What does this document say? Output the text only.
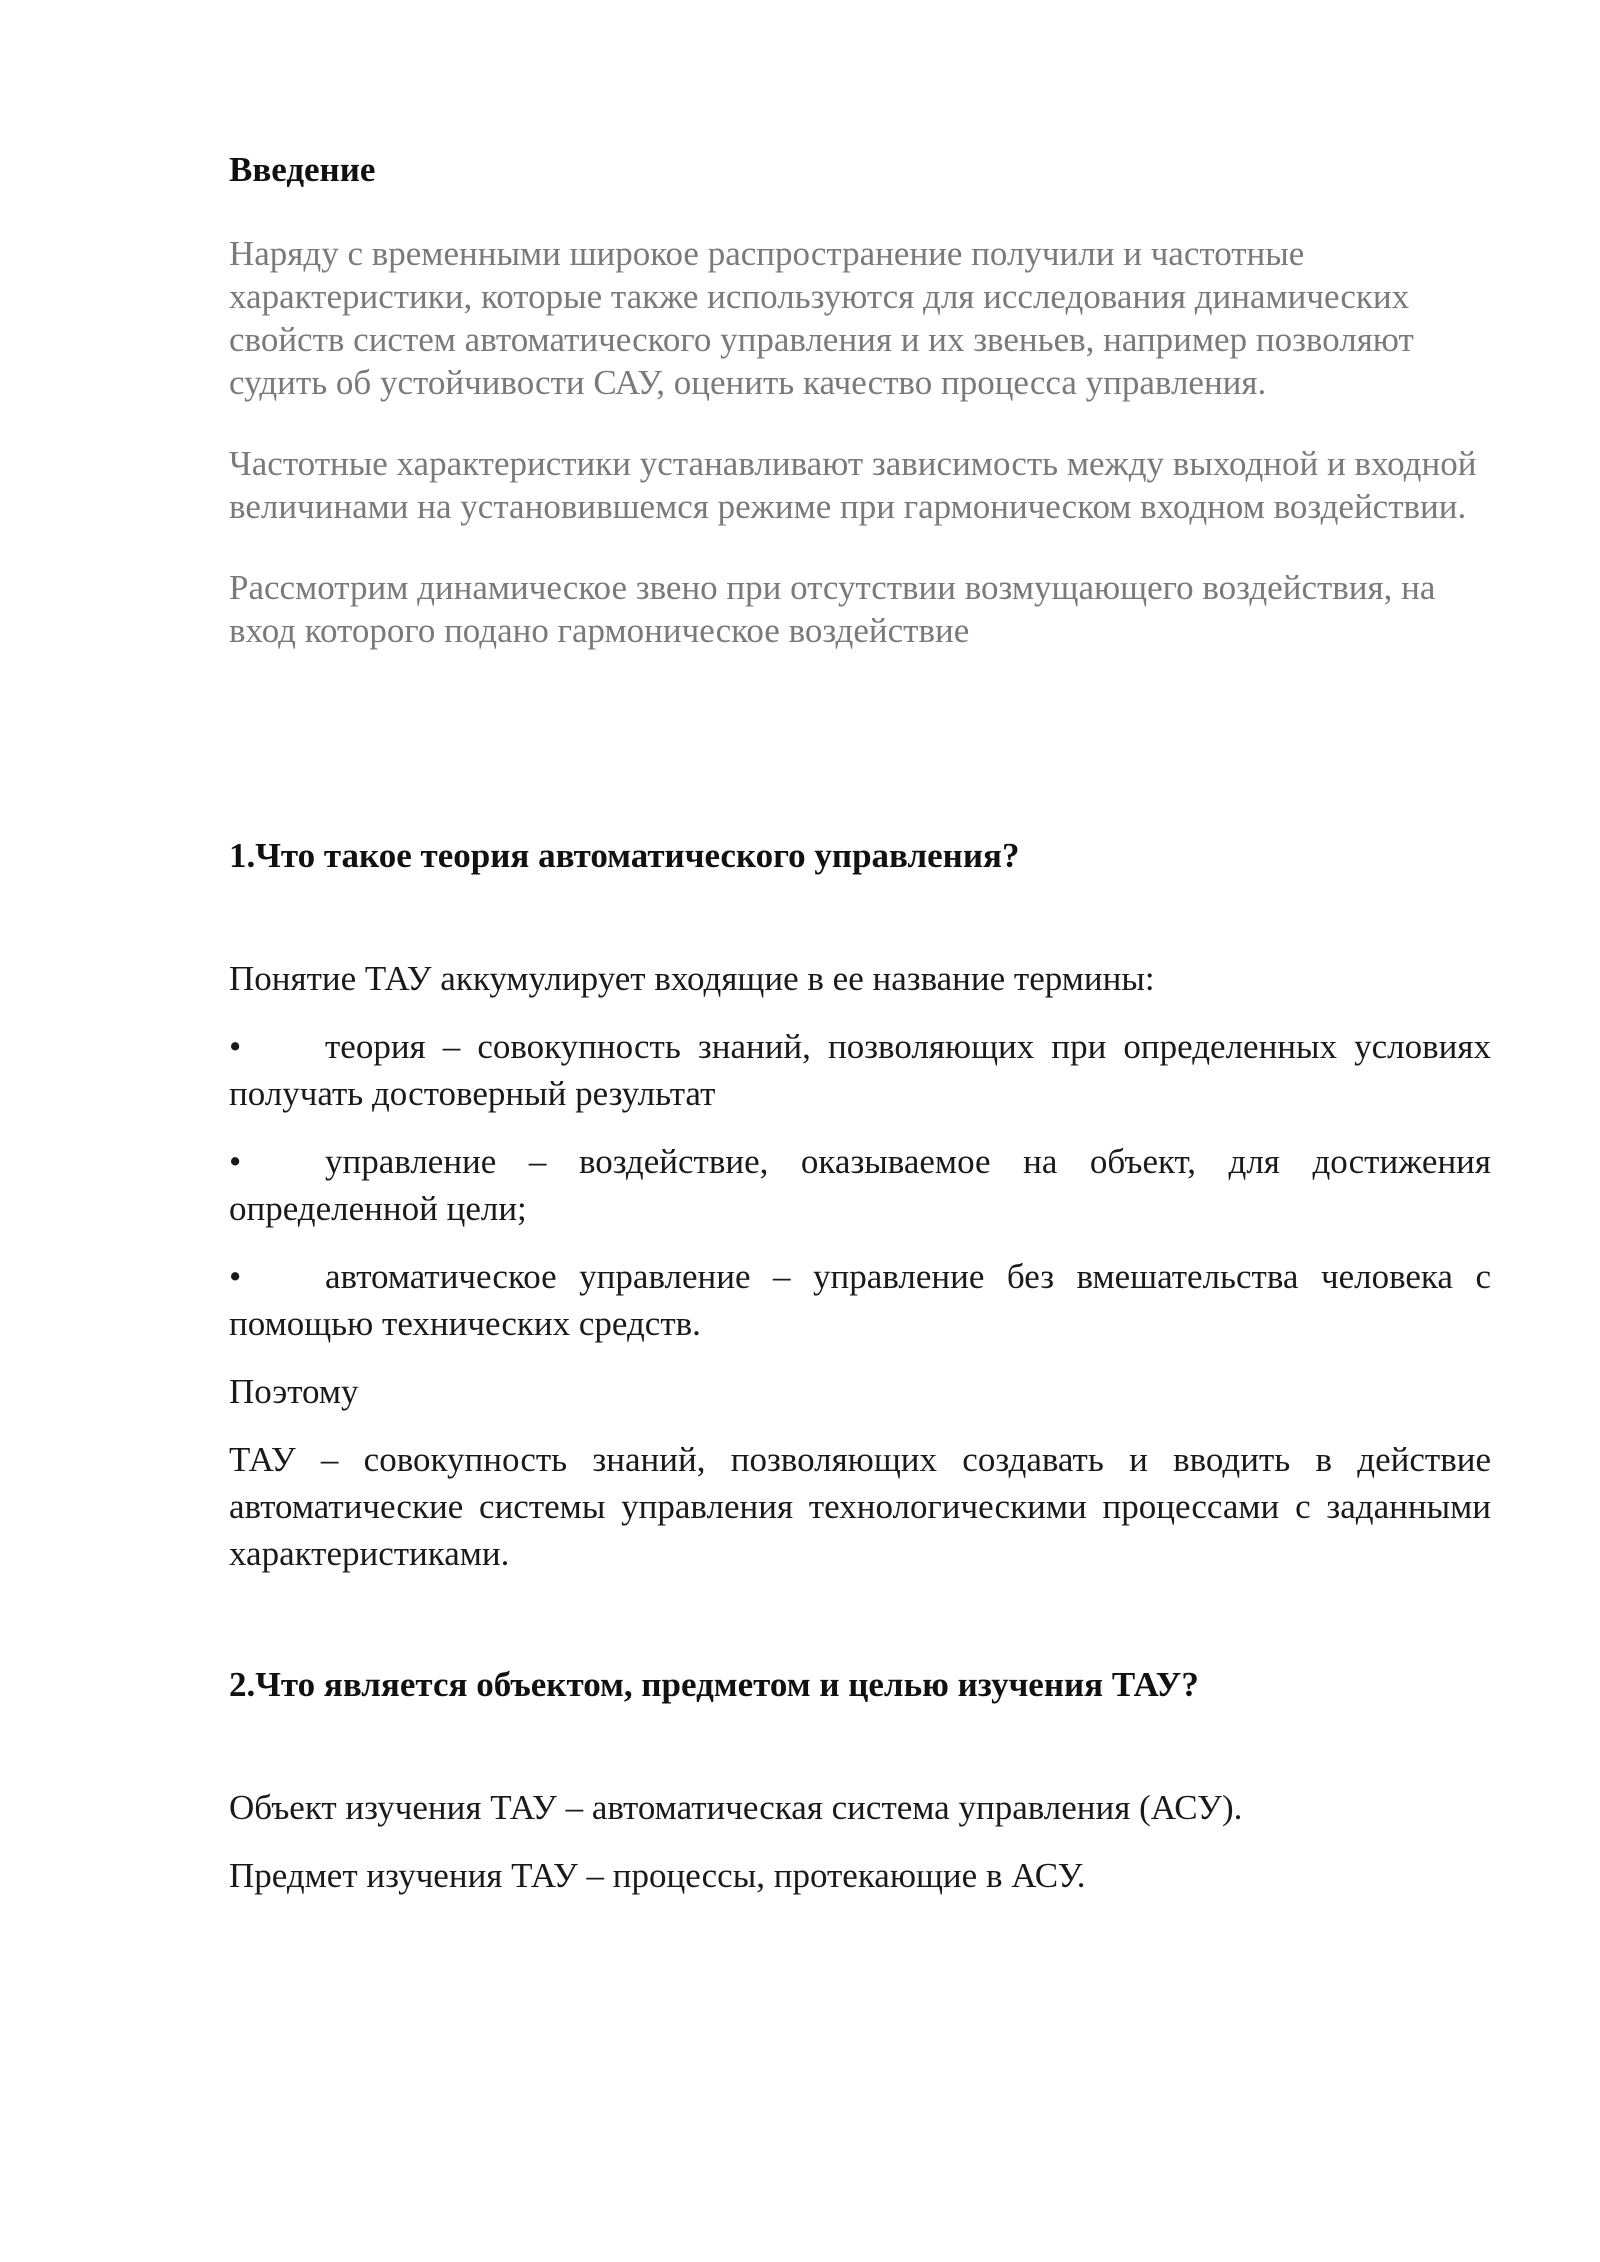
Введение

Наряду с временными широкое распространение получили и частотные характеристики, которые также используются для исследования динамических свойств систем автоматического управления и их звеньев, например позволяют судить об устойчивости САУ, оценить качество процесса управления.

Частотные характеристики устанавливают зависимость между выходной и входной величинами на установившемся режиме при гармоническом входном воздействии.

Рассмотрим динамическое звено при отсутствии возмущающего воздействия, на вход которого подано гармоническое воздействие

1.Что такое теория автоматического управления?

Понятие ТАУ аккумулирует входящие в ее название термины:

• теория – совокупность знаний, позволяющих при определенных условиях получать достоверный результат
• управление – воздействие, оказываемое на объект, для достижения определенной цели;
• автоматическое управление – управление без вмешательства человека с помощью технических средств.

Поэтому

ТАУ – совокупность знаний, позволяющих создавать и вводить в действие автоматические системы управления технологическими процессами с заданными характеристиками.

2.Что является объектом, предметом и целью изучения ТАУ?

Объект изучения ТАУ – автоматическая система управления (АСУ).

Предмет изучения ТАУ – процессы, протекающие в АСУ.
